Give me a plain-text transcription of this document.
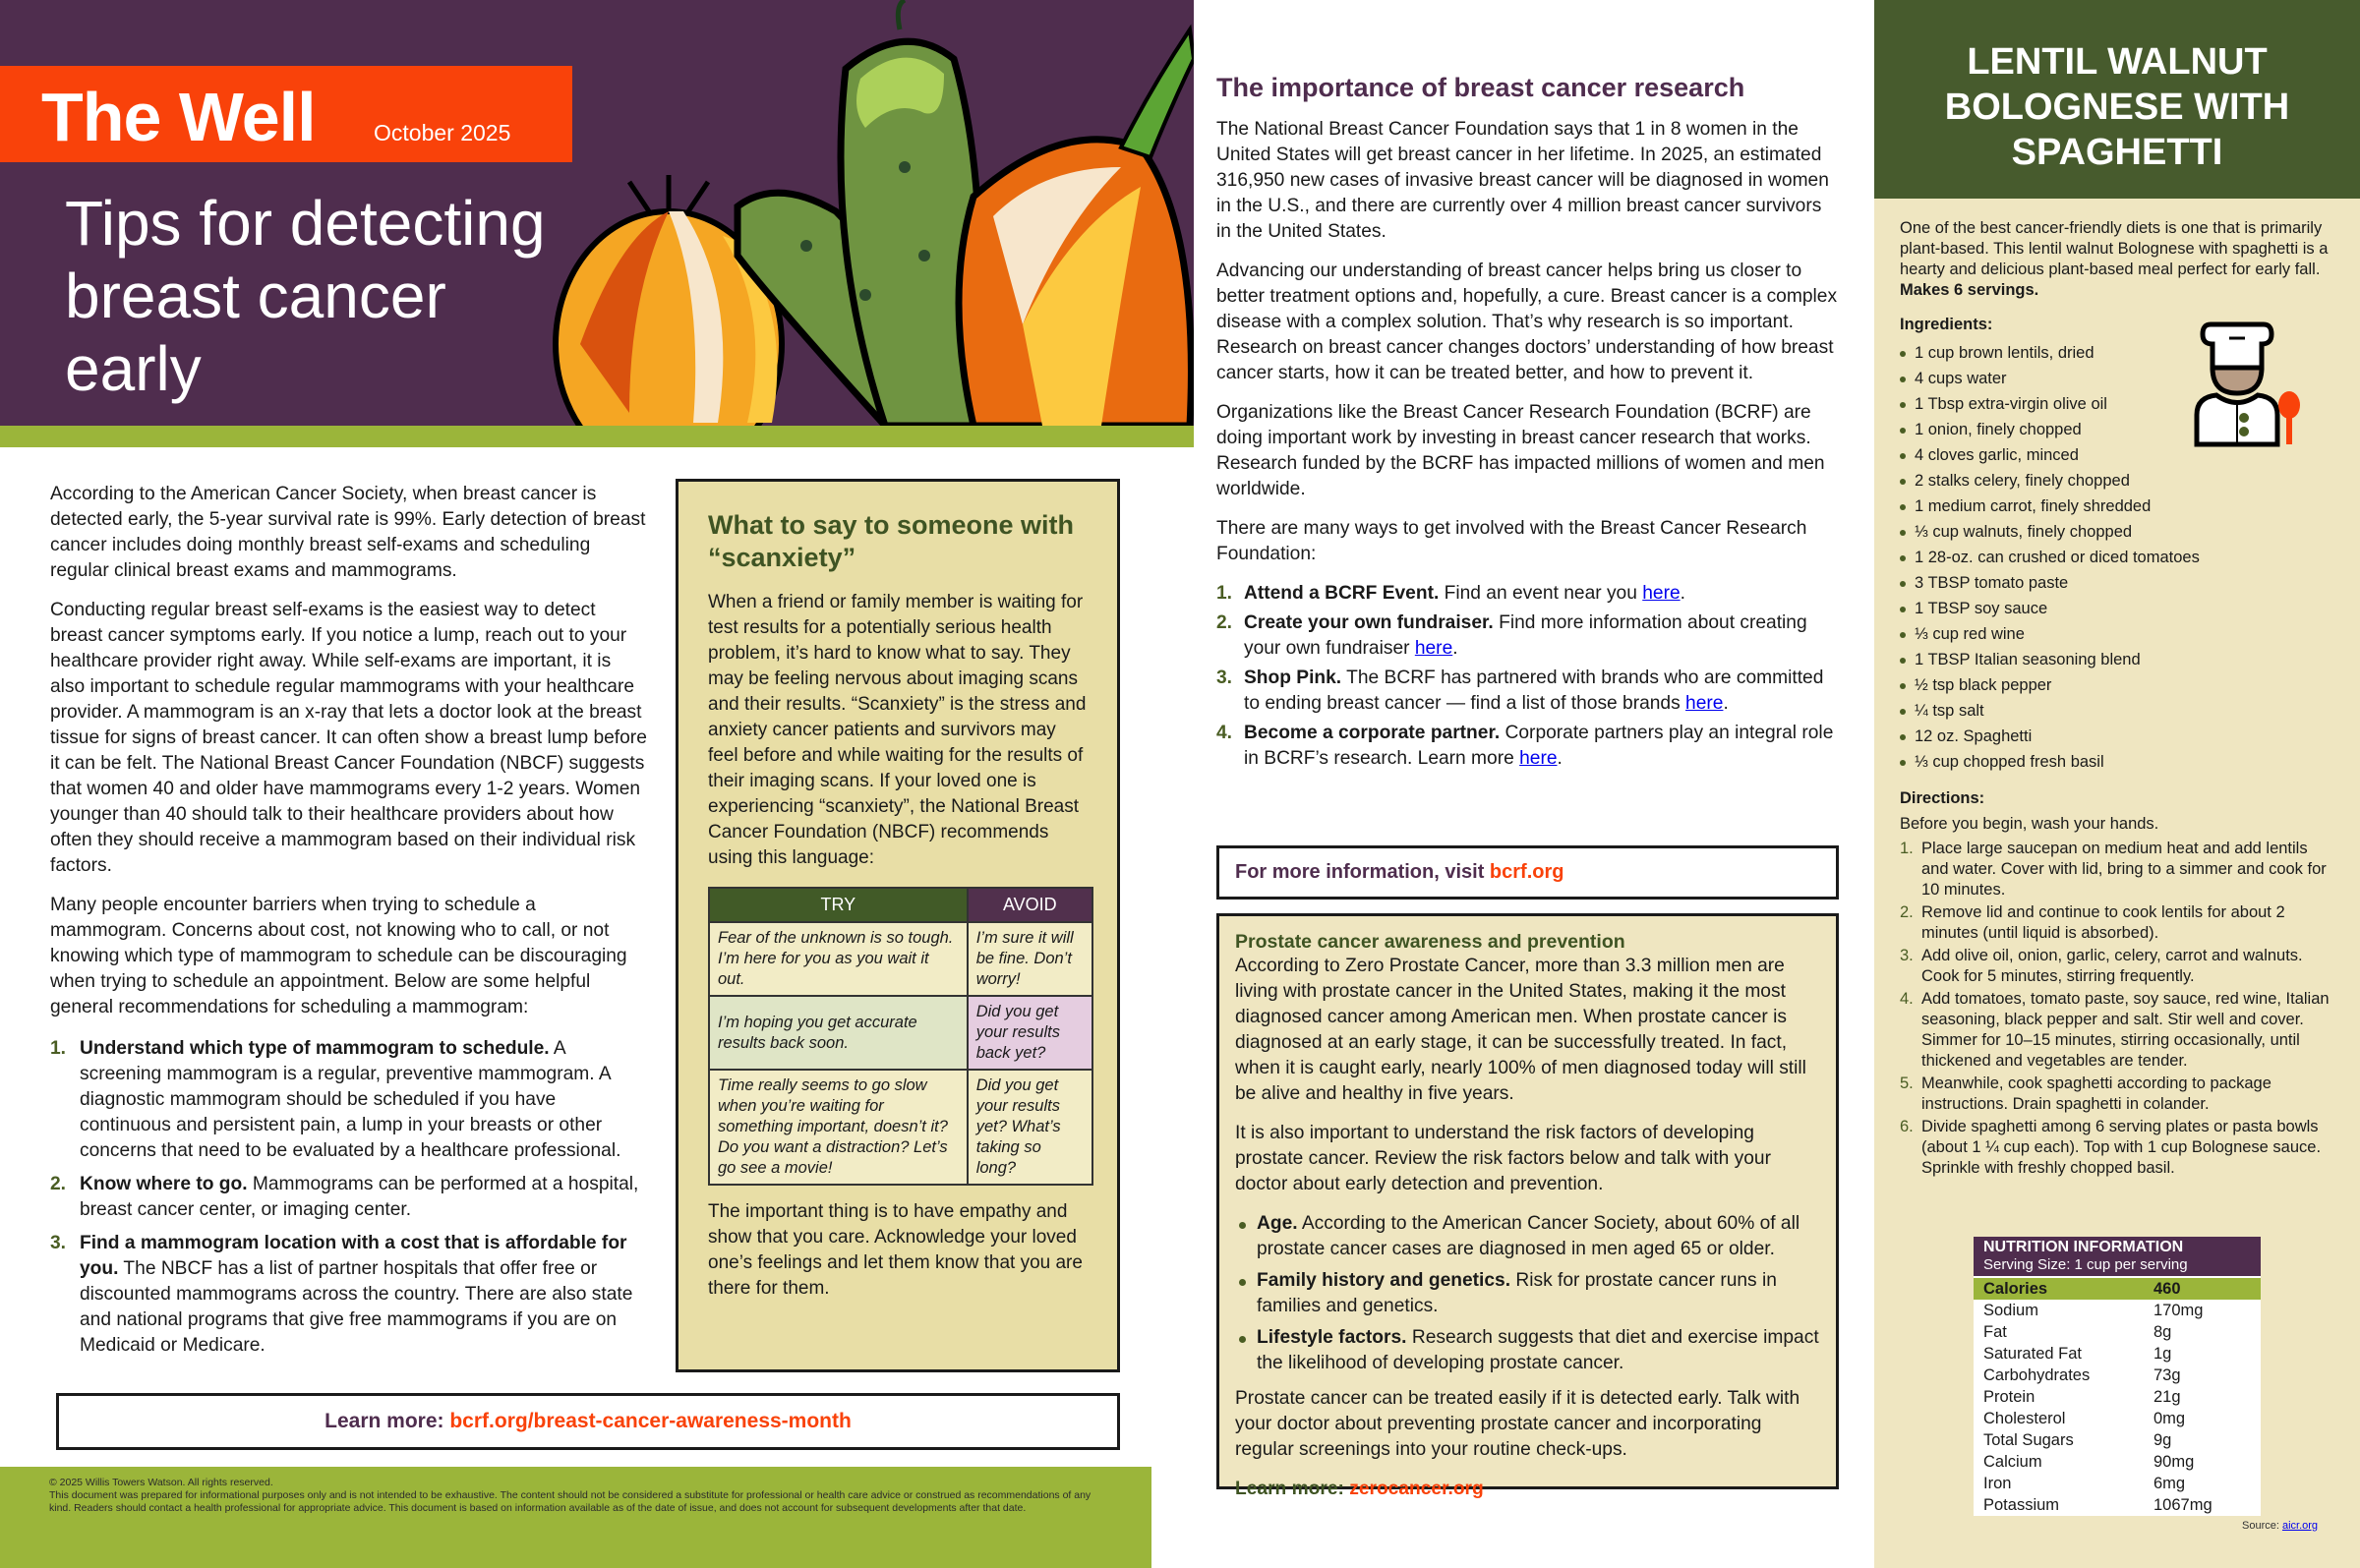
The Well	October 2025
Tips for detecting breast cancer early

According to the American Cancer Society, when breast cancer is detected early, the 5-year survival rate is 99%. Early detection of breast cancer includes doing monthly breast self-exams and scheduling regular clinical breast exams and mammograms.

Conducting regular breast self-exams is the easiest way to detect breast cancer symptoms early. If you notice a lump, reach out to your healthcare provider right away. While self-exams are important, it is also important to schedule regular mammograms with your healthcare provider. A mammogram is an x-ray that lets a doctor look at the breast tissue for signs of breast cancer. It can often show a breast lump before it can be felt. The National Breast Cancer Foundation (NBCF) suggests that women 40 and older have mammograms every 1-2 years. Women younger than 40 should talk to their healthcare providers about how often they should receive a mammogram based on their individual risk factors.

Many people encounter barriers when trying to schedule a mammogram. Concerns about cost, not knowing who to call, or not knowing which type of mammogram to schedule can be discouraging when trying to schedule an appointment. Below are some helpful general recommendations for scheduling a mammogram:

1. Understand which type of mammogram to schedule. A screening mammogram is a regular, preventive mammogram. A diagnostic mammogram should be scheduled if you have continuous and persistent pain, a lump in your breasts or other concerns that need to be evaluated by a healthcare professional.
2. Know where to go. Mammograms can be performed at a hospital, breast cancer center, or imaging center.
3. Find a mammogram location with a cost that is affordable for you. The NBCF has a list of partner hospitals that offer free or discounted mammograms across the country. There are also state and national programs that give free mammograms if you are on Medicaid or Medicare.
What to say to someone with “scanxiety”

When a friend or family member is waiting for test results for a potentially serious health problem, it’s hard to know what to say. They may be feeling nervous about imaging scans and their results. “Scanxiety” is the stress and anxiety cancer patients and survivors may feel before and while waiting for the results of their imaging scans. If your loved one is experiencing “scanxiety”, the National Breast Cancer Foundation (NBCF) recommends using this language:

TRY	AVOID
Fear of the unknown is so tough. I’m here for you as you wait it out.	I’m sure it will be fine. Don’t worry!
I’m hoping you get accurate results back soon.	Did you get your results back yet?
Time really seems to go slow when you’re waiting for something important, doesn’t it? Do you want a distraction? Let’s go see a movie!	Did you get your results yet? What’s taking so long?

The important thing is to have empathy and show that you care. Acknowledge your loved one’s feelings and let them know that you are there for them.

Learn more: bcrf.org/breast-cancer-awareness-month
© 2025 Willis Towers Watson. All rights reserved.
This document was prepared for informational purposes only and is not intended to be exhaustive. The content should not be considered a substitute for professional or health care advice or construed as recommendations of any kind. Readers should contact a health professional for appropriate advice. This document is based on information available as of the date of issue, and does not account for subsequent developments after that date.
The importance of breast cancer research

The National Breast Cancer Foundation says that 1 in 8 women in the United States will get breast cancer in her lifetime. In 2025, an estimated 316,950 new cases of invasive breast cancer will be diagnosed in women in the U.S., and there are currently over 4 million breast cancer survivors in the United States.

Advancing our understanding of breast cancer helps bring us closer to better treatment options and, hopefully, a cure. Breast cancer is a complex disease with a complex solution. That’s why research is so important. Research on breast cancer changes doctors’ understanding of how breast cancer starts, how it can be treated better, and how to prevent it.

Organizations like the Breast Cancer Research Foundation (BCRF) are doing important work by investing in breast cancer research that works. Research funded by the BCRF has impacted millions of women and men worldwide.

There are many ways to get involved with the Breast Cancer Research Foundation:

1. Attend a BCRF Event. Find an event near you here.
2. Create your own fundraiser. Find more information about creating your own fundraiser here.
3. Shop Pink. The BCRF has partnered with brands who are committed to ending breast cancer — find a list of those brands here.
4. Become a corporate partner. Corporate partners play an integral role in BCRF’s research. Learn more here.
For more information, visit bcrf.org
Prostate cancer awareness and prevention

According to Zero Prostate Cancer, more than 3.3 million men are living with prostate cancer in the United States, making it the most diagnosed cancer among American men. When prostate cancer is diagnosed at an early stage, it can be successfully treated. In fact, when it is caught early, nearly 100% of men diagnosed today will still be alive and healthy in five years.

It is also important to understand the risk factors of developing prostate cancer. Review the risk factors below and talk with your doctor about early detection and prevention.

Age. According to the American Cancer Society, about 60% of all prostate cancer cases are diagnosed in men aged 65 or older.
Family history and genetics. Risk for prostate cancer runs in families and genetics.
Lifestyle factors. Research suggests that diet and exercise impact the likelihood of developing prostate cancer.

Prostate cancer can be treated easily if it is detected early. Talk with your doctor about preventing prostate cancer and incorporating regular screenings into your routine check-ups.

Learn more: zerocancer.org
LENTIL WALNUT BOLOGNESE WITH SPAGHETTI

One of the best cancer-friendly diets is one that is primarily plant-based. This lentil walnut Bolognese with spaghetti is a hearty and delicious plant-based meal perfect for early fall. Makes 6 servings.

Ingredients:
1 cup brown lentils, dried
4 cups water
1 Tbsp extra-virgin olive oil
1 onion, finely chopped
4 cloves garlic, minced
2 stalks celery, finely chopped
1 medium carrot, finely shredded
⅓ cup walnuts, finely chopped
1 28-oz. can crushed or diced tomatoes
3 TBSP tomato paste
1 TBSP soy sauce
⅓ cup red wine
1 TBSP Italian seasoning blend
½ tsp black pepper
¼ tsp salt
12 oz. Spaghetti
⅓ cup chopped fresh basil
Directions:

Before you begin, wash your hands.

1. Place large saucepan on medium heat and add lentils and water. Cover with lid, bring to a simmer and cook for 10 minutes.
2. Remove lid and continue to cook lentils for about 2 minutes (until liquid is absorbed).
3. Add olive oil, onion, garlic, celery, carrot and walnuts. Cook for 5 minutes, stirring frequently.
4. Add tomatoes, tomato paste, soy sauce, red wine, Italian seasoning, black pepper and salt. Stir well and cover. Simmer for 10–15 minutes, stirring occasionally, until thickened and vegetables are tender.
5. Meanwhile, cook spaghetti according to package instructions. Drain spaghetti in colander.
6. Divide spaghetti among 6 serving plates or pasta bowls (about 1 ¼ cup each). Top with 1 cup Bolognese sauce. Sprinkle with freshly chopped basil.
NUTRITION INFORMATION
Serving Size: 1 cup per serving
Calories	460
Sodium	170mg
Fat	8g
Saturated Fat	1g
Carbohydrates	73g
Protein	21g
Cholesterol	0mg
Total Sugars	9g
Calcium	90mg
Iron	6mg
Potassium	1067mg
Source: aicr.org
